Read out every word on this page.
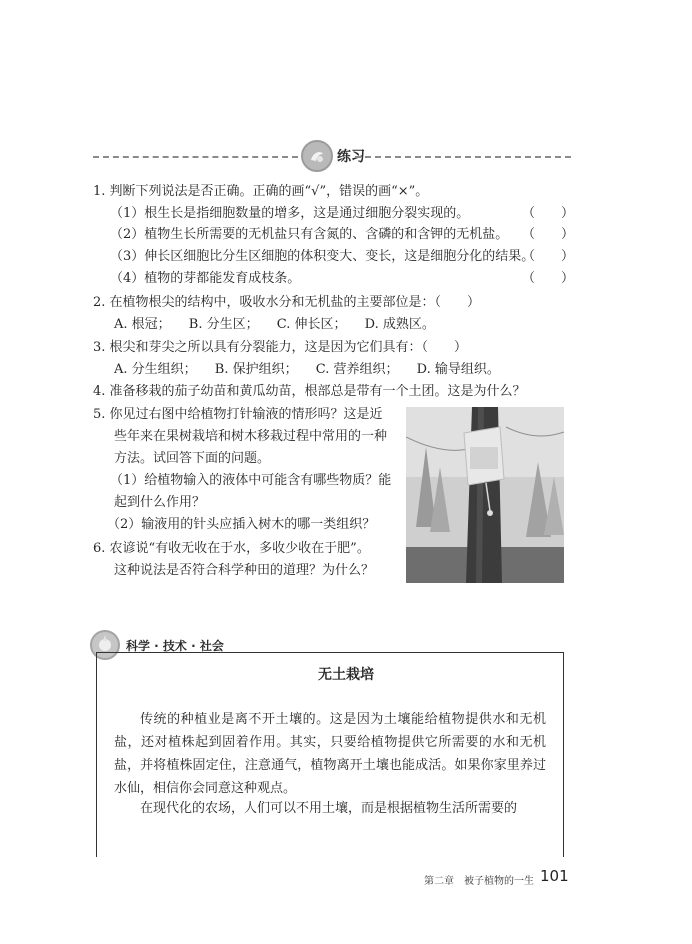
练习
1. 判断下列说法是否正确。正确的画“√”，错误的画“×”。
（1）根生长是指细胞数量的增多，这是通过细胞分裂实现的。	（　　）
（2）植物生长所需要的无机盐只有含氮的、含磷的和含钾的无机盐。 （　　）
（3）伸长区细胞比分生区细胞的体积变大、变长，这是细胞分化的结果。
（　　）
（4）植物的芽都能发育成枝条。	（　　）
2. 在植物根尖的结构中，吸收水分和无机盐的主要部位是：（　　）
A. 根冠； B. 分生区； C. 伸长区； D. 成熟区。
3. 根尖和芽尖之所以具有分裂能力，这是因为它们具有：（　　）
A. 分生组织； B. 保护组织； C. 营养组织； D. 输导组织。
4. 准备移栽的茄子幼苗和黄瓜幼苗，根部总是带有一个土团。这是为什么？
5. 你见过右图中给植物打针输液的情形吗？这是近
些年来在果树栽培和树木移栽过程中常用的一种
方法。试回答下面的问题。
（1）给植物输入的液体中可能含有哪些物质？能
起到什么作用？
（2）输液用的针头应插入树木的哪一类组织？
6. 农谚说“有收无收在于水，多收少收在于肥”。
这种说法是否符合科学种田的道理？为什么？
科学 · 技术 · 社会
无土栽培
传统的种植业是离不开土壤的。这是因为土壤能给植物提供水和无机盐，还对植株起到固着作用。其实，只要给植物提供它所需要的水和无机盐，并将植株固定住，注意通气，植物离开土壤也能成活。如果你家里养过水仙，相信你会同意这种观点。
在现代化的农场，人们可以不用土壤，而是根据植物生活所需要的
第二章　被子植物的一生 101
